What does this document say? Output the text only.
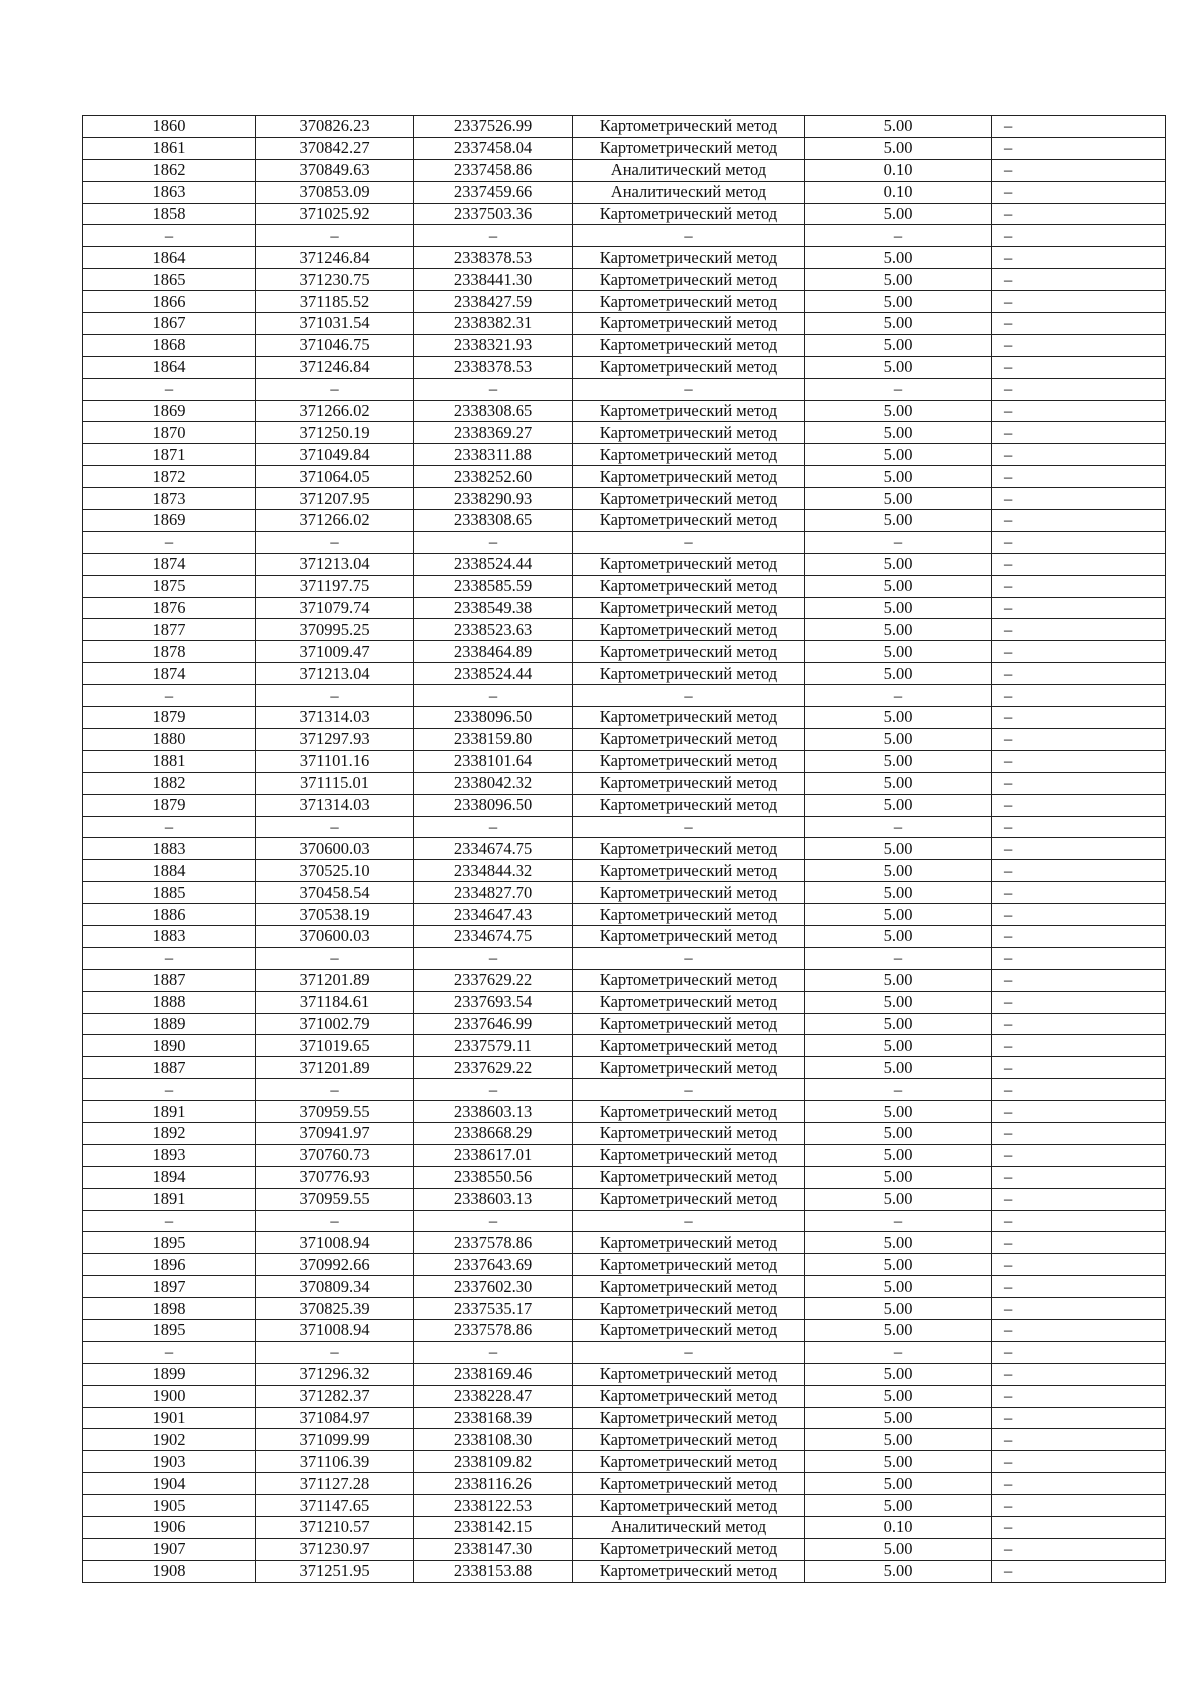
1860	370826.23	2337526.99	Картометрический метод	5.00	–
1861	370842.27	2337458.04	Картометрический метод	5.00	–
1862	370849.63	2337458.86	Аналитический метод	0.10	–
1863	370853.09	2337459.66	Аналитический метод	0.10	–
1858	371025.92	2337503.36	Картометрический метод	5.00	–
–	–	–	–	–	–
1864	371246.84	2338378.53	Картометрический метод	5.00	–
1865	371230.75	2338441.30	Картометрический метод	5.00	–
1866	371185.52	2338427.59	Картометрический метод	5.00	–
1867	371031.54	2338382.31	Картометрический метод	5.00	–
1868	371046.75	2338321.93	Картометрический метод	5.00	–
1864	371246.84	2338378.53	Картометрический метод	5.00	–
–	–	–	–	–	–
1869	371266.02	2338308.65	Картометрический метод	5.00	–
1870	371250.19	2338369.27	Картометрический метод	5.00	–
1871	371049.84	2338311.88	Картометрический метод	5.00	–
1872	371064.05	2338252.60	Картометрический метод	5.00	–
1873	371207.95	2338290.93	Картометрический метод	5.00	–
1869	371266.02	2338308.65	Картометрический метод	5.00	–
–	–	–	–	–	–
1874	371213.04	2338524.44	Картометрический метод	5.00	–
1875	371197.75	2338585.59	Картометрический метод	5.00	–
1876	371079.74	2338549.38	Картометрический метод	5.00	–
1877	370995.25	2338523.63	Картометрический метод	5.00	–
1878	371009.47	2338464.89	Картометрический метод	5.00	–
1874	371213.04	2338524.44	Картометрический метод	5.00	–
–	–	–	–	–	–
1879	371314.03	2338096.50	Картометрический метод	5.00	–
1880	371297.93	2338159.80	Картометрический метод	5.00	–
1881	371101.16	2338101.64	Картометрический метод	5.00	–
1882	371115.01	2338042.32	Картометрический метод	5.00	–
1879	371314.03	2338096.50	Картометрический метод	5.00	–
–	–	–	–	–	–
1883	370600.03	2334674.75	Картометрический метод	5.00	–
1884	370525.10	2334844.32	Картометрический метод	5.00	–
1885	370458.54	2334827.70	Картометрический метод	5.00	–
1886	370538.19	2334647.43	Картометрический метод	5.00	–
1883	370600.03	2334674.75	Картометрический метод	5.00	–
–	–	–	–	–	–
1887	371201.89	2337629.22	Картометрический метод	5.00	–
1888	371184.61	2337693.54	Картометрический метод	5.00	–
1889	371002.79	2337646.99	Картометрический метод	5.00	–
1890	371019.65	2337579.11	Картометрический метод	5.00	–
1887	371201.89	2337629.22	Картометрический метод	5.00	–
–	–	–	–	–	–
1891	370959.55	2338603.13	Картометрический метод	5.00	–
1892	370941.97	2338668.29	Картометрический метод	5.00	–
1893	370760.73	2338617.01	Картометрический метод	5.00	–
1894	370776.93	2338550.56	Картометрический метод	5.00	–
1891	370959.55	2338603.13	Картометрический метод	5.00	–
–	–	–	–	–	–
1895	371008.94	2337578.86	Картометрический метод	5.00	–
1896	370992.66	2337643.69	Картометрический метод	5.00	–
1897	370809.34	2337602.30	Картометрический метод	5.00	–
1898	370825.39	2337535.17	Картометрический метод	5.00	–
1895	371008.94	2337578.86	Картометрический метод	5.00	–
–	–	–	–	–	–
1899	371296.32	2338169.46	Картометрический метод	5.00	–
1900	371282.37	2338228.47	Картометрический метод	5.00	–
1901	371084.97	2338168.39	Картометрический метод	5.00	–
1902	371099.99	2338108.30	Картометрический метод	5.00	–
1903	371106.39	2338109.82	Картометрический метод	5.00	–
1904	371127.28	2338116.26	Картометрический метод	5.00	–
1905	371147.65	2338122.53	Картометрический метод	5.00	–
1906	371210.57	2338142.15	Аналитический метод	0.10	–
1907	371230.97	2338147.30	Картометрический метод	5.00	–
1908	371251.95	2338153.88	Картометрический метод	5.00	–
